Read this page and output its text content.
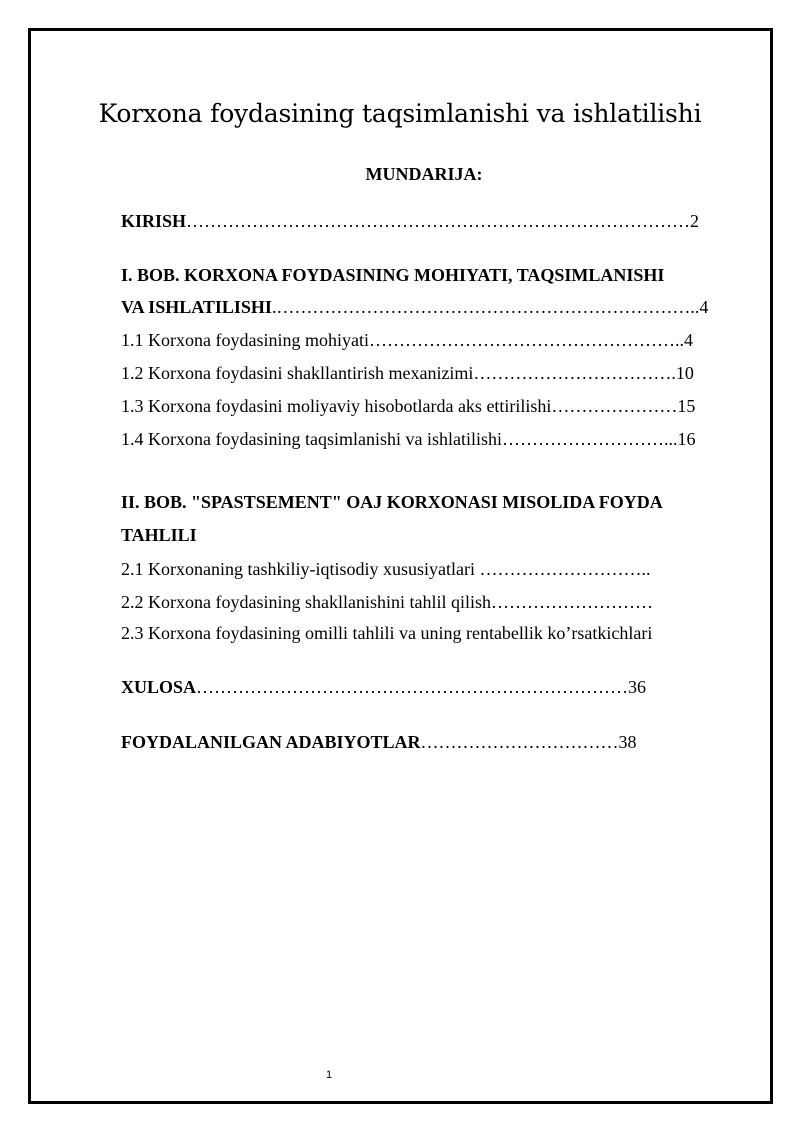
Korxona foydasining taqsimlanishi va ishlatilishi
MUNDARIJA:
KIRISH…………………………………………………………………………2
I. BOB. KORXONA FOYDASINING MOHIYATI, TAQSIMLANISHI
VA ISHLATILISHI.……………………………………………………………..4
1.1 Korxona foydasining mohiyati……………………………………………..4
1.2 Korxona foydasini shakllantirish mexanizimi…………………………….10
1.3 Korxona foydasini moliyaviy hisobotlarda aks ettirilishi…………………15
1.4 Korxona foydasining taqsimlanishi va ishlatilishi………………………...16
II. BOB. "SPASTSEMENT" OAJ KORXONASI MISOLIDA FOYDA
TAHLILI
2.1 Korxonaning tashkiliy-iqtisodiy xususiyatlari ………………………..
2.2 Korxona foydasining shakllanishini tahlil qilish………………………
2.3 Korxona foydasining omilli tahlili va uning rentabellik ko’rsatkichlari
XULOSA………………………………………………………………36
FOYDALANILGAN ADABIYOTLAR……………………………38
1
